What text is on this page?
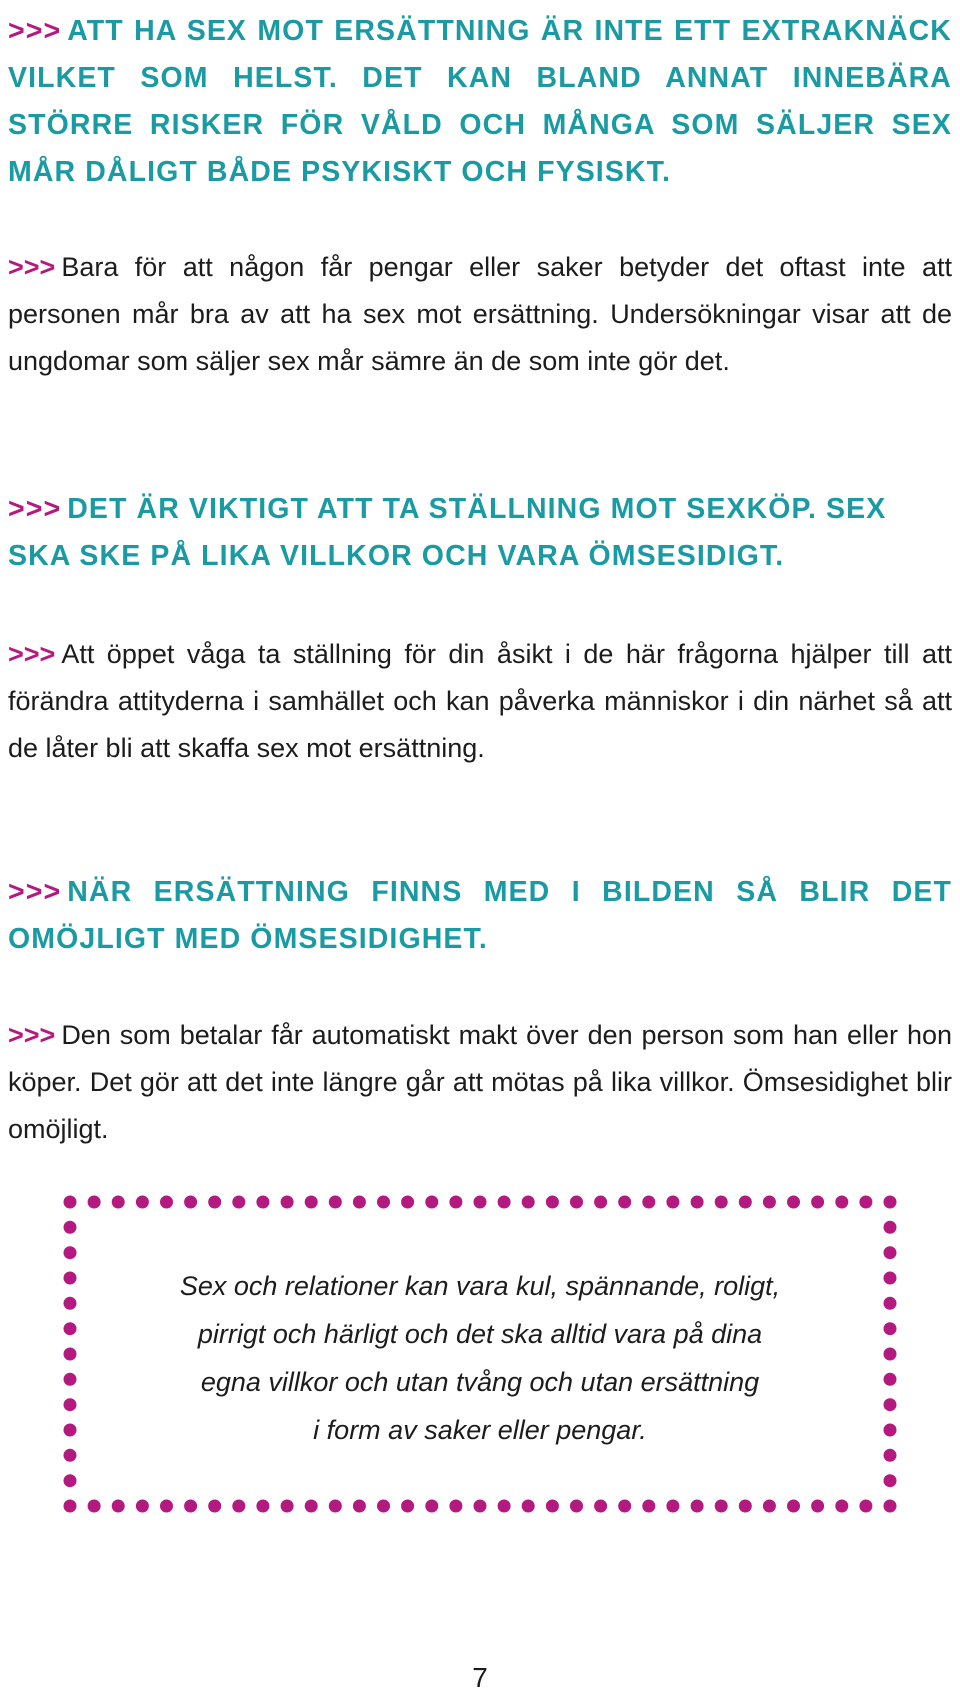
>>> ATT HA SEX MOT ERSÄTTNING ÄR INTE ETT EXTRAKNÄCK VILKET SOM HELST. DET KAN BLAND ANNAT INNEBÄRA STÖRRE RISKER FÖR VÅLD OCH MÅNGA SOM SÄLJER SEX MÅR DÅLIGT BÅDE PSYKISKT OCH FYSISKT.

>>> Bara för att någon får pengar eller saker betyder det oftast inte att personen mår bra av att ha sex mot ersättning. Undersökningar visar att de ungdomar som säljer sex mår sämre än de som inte gör det.

>>> DET ÄR VIKTIGT ATT TA STÄLLNING MOT SEXKÖP. SEX SKA SKE PÅ LIKA VILLKOR OCH VARA ÖMSESIDIGT.

>>> Att öppet våga ta ställning för din åsikt i de här frågorna hjälper till att förändra attityderna i samhället och kan påverka människor i din närhet så att de låter bli att skaffa sex mot ersättning.

>>> NÄR ERSÄTTNING FINNS MED I BILDEN SÅ BLIR DET OMÖJLIGT MED ÖMSESIDIGHET.

>>> Den som betalar får automatiskt makt över den person som han eller hon köper. Det gör att det inte längre går att mötas på lika villkor. Ömsesidighet blir omöjligt.

Sex och relationer kan vara kul, spännande, roligt,
pirrigt och härligt och det ska alltid vara på dina
egna villkor och utan tvång och utan ersättning
i form av saker eller pengar.

7
